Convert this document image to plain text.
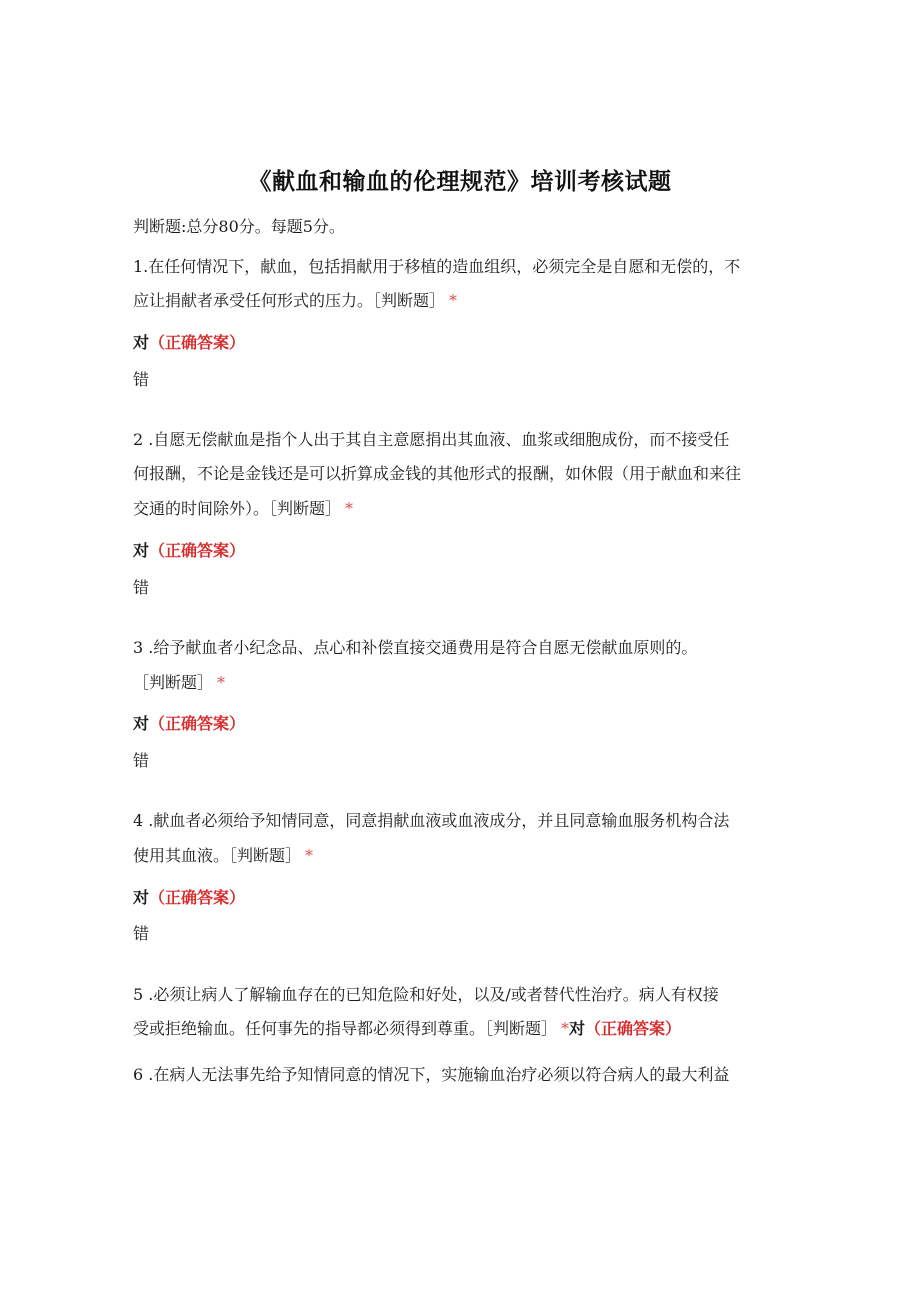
《献血和输血的伦理规范》培训考核试题
判断题:总分80分。每题5分。
1.在任何情况下，献血，包括捐献用于移植的造血组织，必须完全是自愿和无偿的，不
应让捐献者承受任何形式的压力。［判断题］ *
对（正确答案）
错
2 .自愿无偿献血是指个人出于其自主意愿捐出其血液、血浆或细胞成份，而不接受任
何报酬，不论是金钱还是可以折算成金钱的其他形式的报酬，如休假（用于献血和来往
交通的时间除外）。［判断题］ *
对（正确答案）
错
3 .给予献血者小纪念品、点心和补偿直接交通费用是符合自愿无偿献血原则的。
［判断题］ *
对（正确答案）
错
4 .献血者必须给予知情同意，同意捐献血液或血液成分，并且同意输血服务机构合法
使用其血液。［判断题］ *
对（正确答案）
错
5 .必须让病人了解输血存在的已知危险和好处，以及/或者替代性治疗。病人有权接
受或拒绝输血。任何事先的指导都必须得到尊重。［判断题］ *对（正确答案）
6 .在病人无法事先给予知情同意的情况下，实施输血治疗必须以符合病人的最大利益
